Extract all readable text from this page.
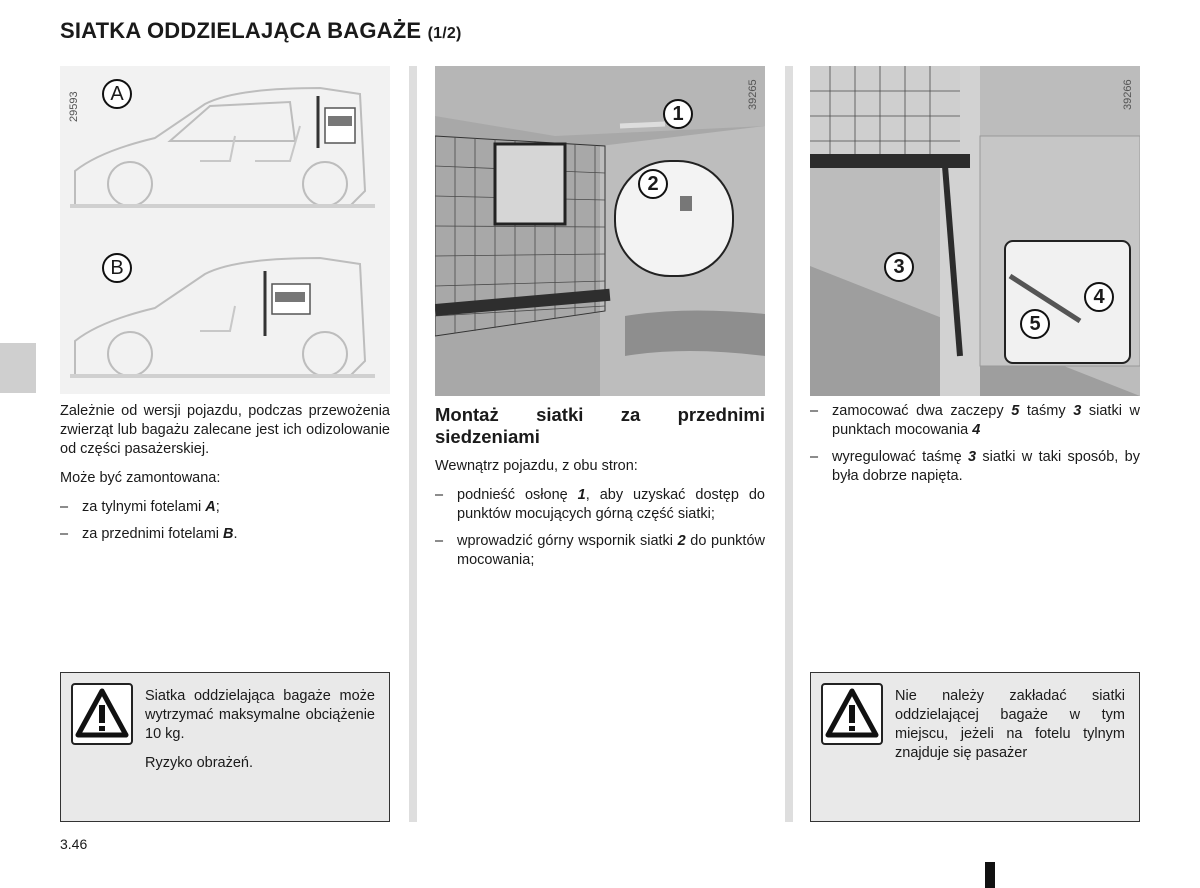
SIATKA ODDZIELAJĄCA BAGAŻE (1/2)
29593	A
B
39265
1
2
39266
3
4
5

Zależnie od wersji pojazdu, podczas przewożenia zwierząt lub bagażu zalecane jest ich odizolowanie od części pasażerskiej.

Może być zamontowana:

– za tylnymi fotelami A;
– za przednimi fotelami B.

Siatka oddzielająca bagaże może wytrzymać maksymalne obciążenie 10 kg.

Ryzyko obrażeń.

Montaż siatki za przednimi siedzeniami

Wewnątrz pojazdu, z obu stron:

– podnieść osłonę 1, aby uzyskać dostęp do punktów mocujących górną część siatki;
– wprowadzić górny wspornik siatki 2 do punktów mocowania;
– zamocować dwa zaczepy 5 taśmy 3 siatki w punktach mocowania 4
– wyregulować taśmę 3 siatki w taki sposób, by była dobrze napięta.

Nie należy zakładać siatki oddzielającej bagaże w tym miejscu, jeżeli na fotelu tylnym znajduje się pasażer

3.46
